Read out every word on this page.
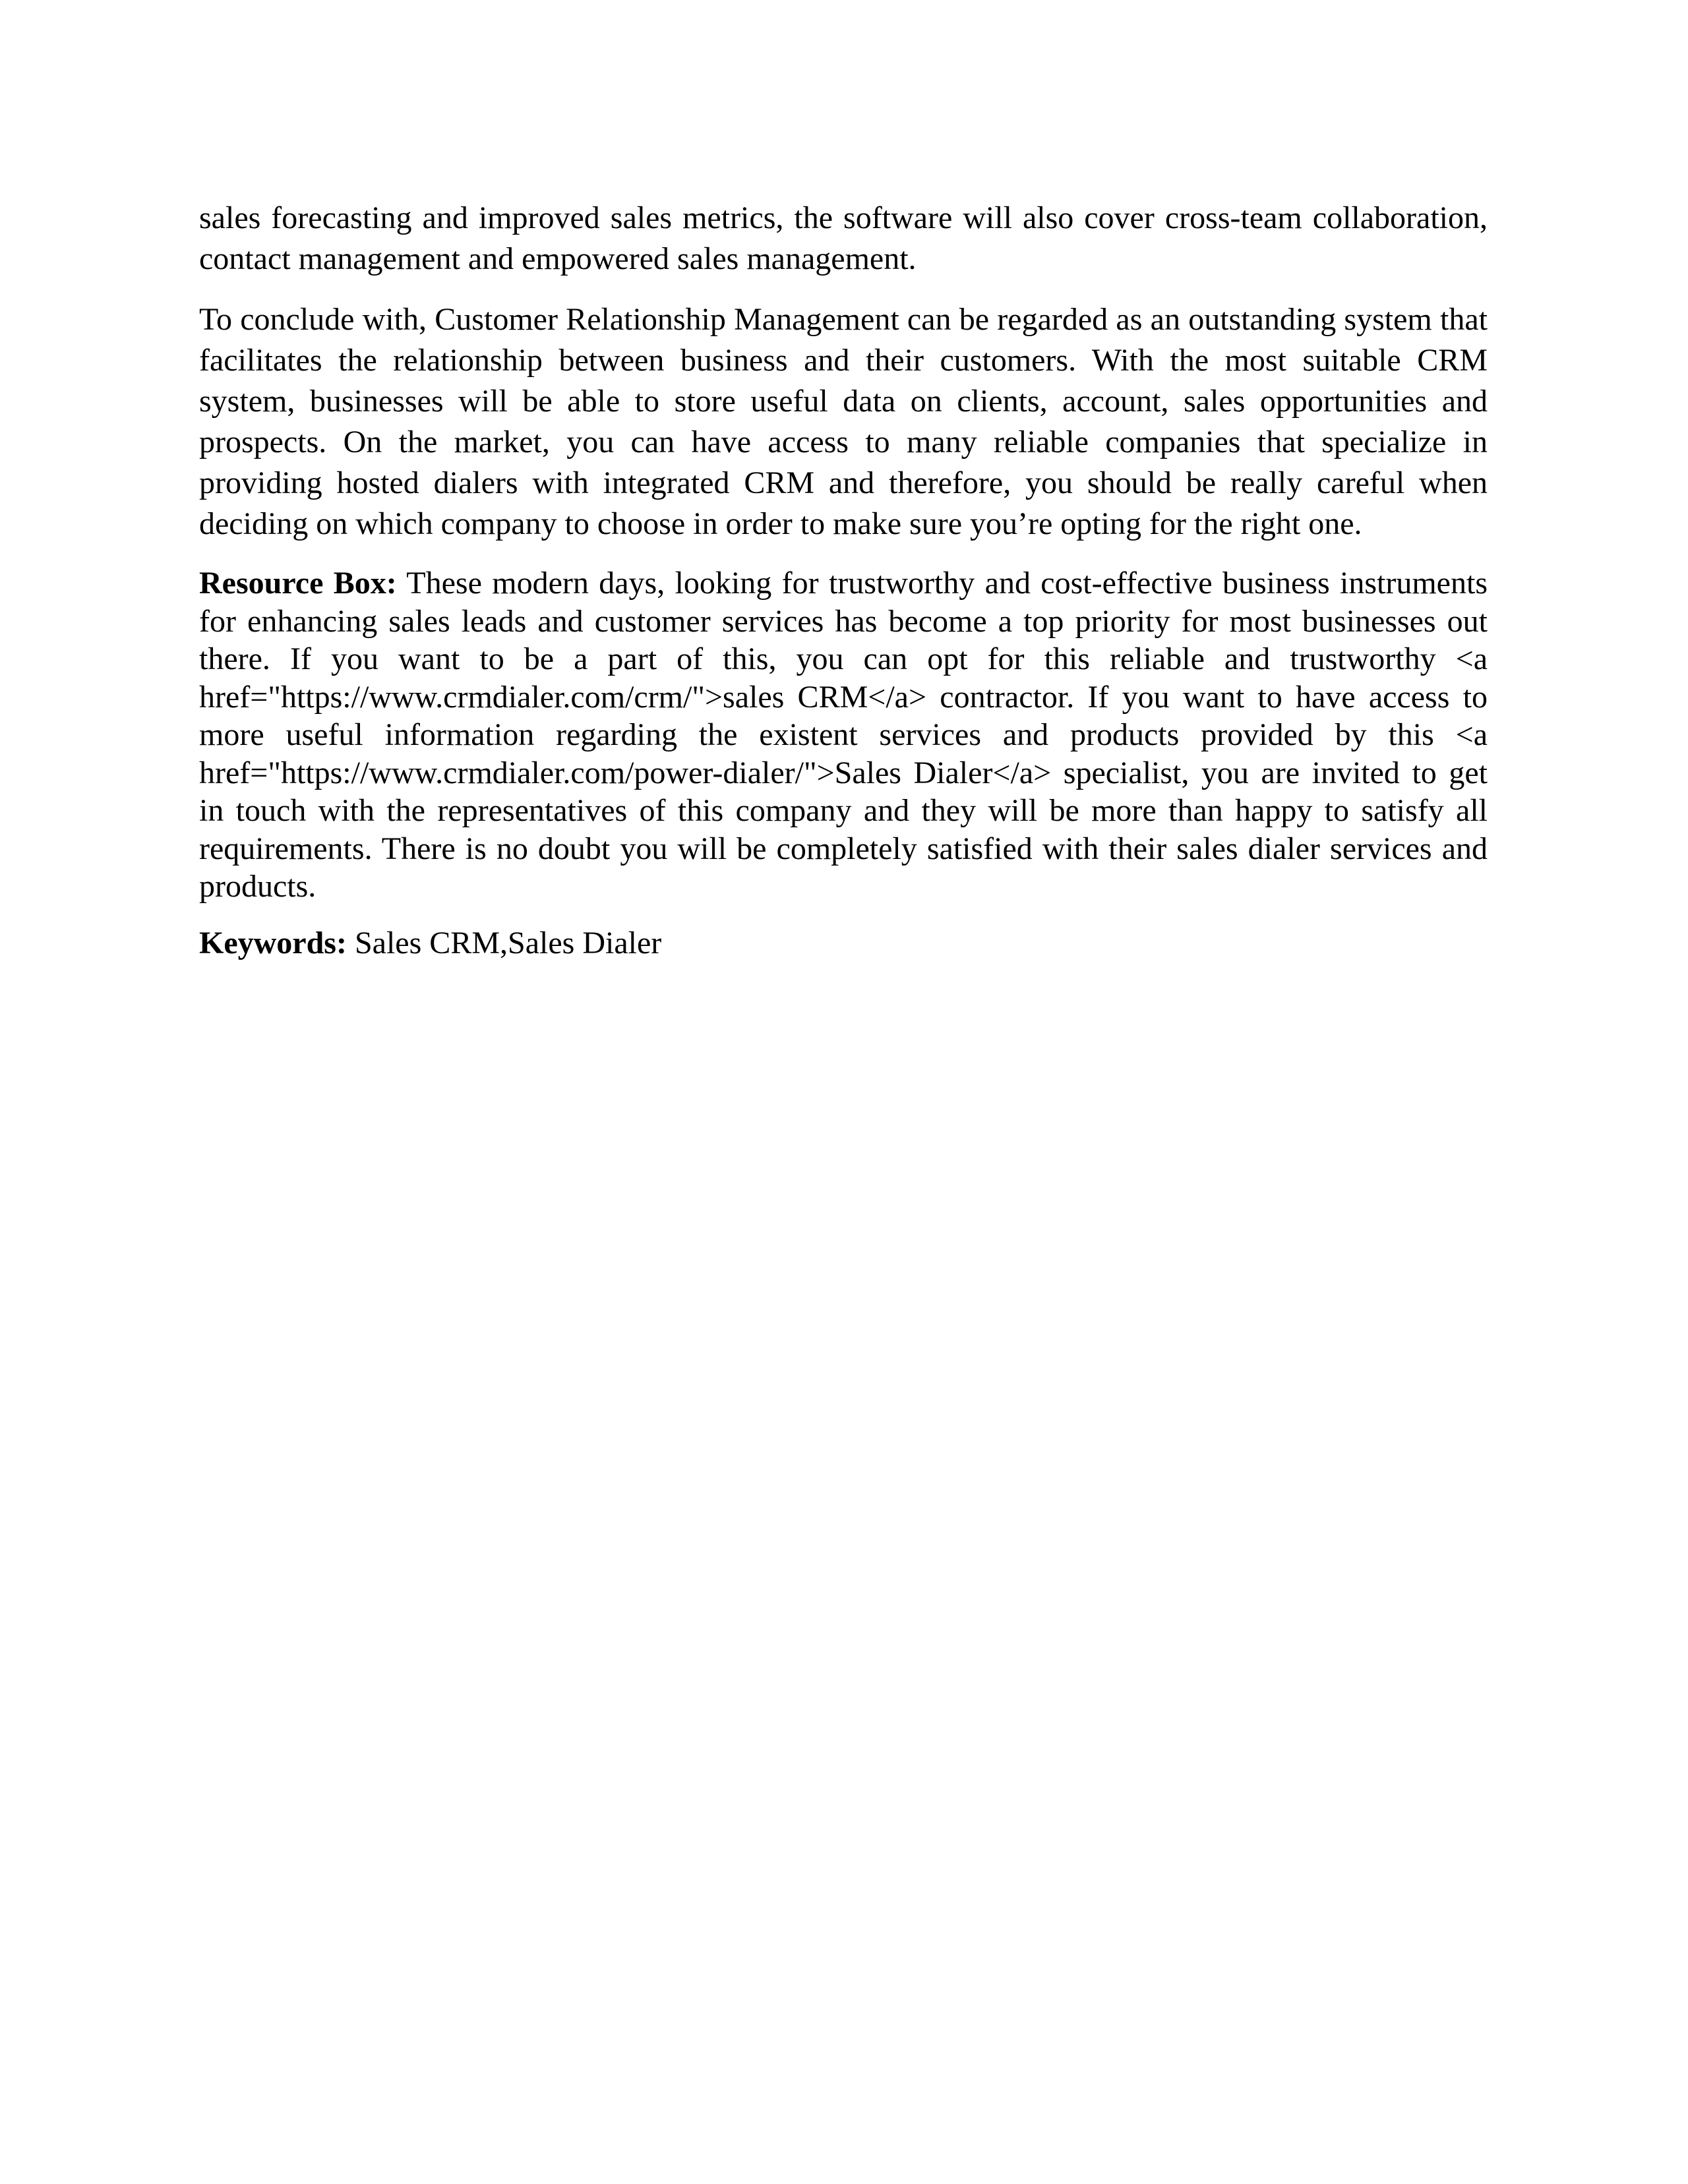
sales forecasting and improved sales metrics, the software will also cover cross-team collaboration, contact management and empowered sales management.

To conclude with, Customer Relationship Management can be regarded as an outstanding system that facilitates the relationship between business and their customers. With the most suitable CRM system, businesses will be able to store useful data on clients, account, sales opportunities and prospects. On the market, you can have access to many reliable companies that specialize in providing hosted dialers with integrated CRM and therefore, you should be really careful when deciding on which company to choose in order to make sure you’re opting for the right one.

Resource Box: These modern days, looking for trustworthy and cost-effective business instruments for enhancing sales leads and customer services has become a top priority for most businesses out there. If you want to be a part of this, you can opt for this reliable and trustworthy <a href="https://www.crmdialer.com/crm/">sales CRM</a> contractor. If you want to have access to more useful information regarding the existent services and products provided by this <a href="https://www.crmdialer.com/power-dialer/">Sales Dialer</a> specialist, you are invited to get in touch with the representatives of this company and they will be more than happy to satisfy all requirements. There is no doubt you will be completely satisfied with their sales dialer services and products.

Keywords: Sales CRM,Sales Dialer
